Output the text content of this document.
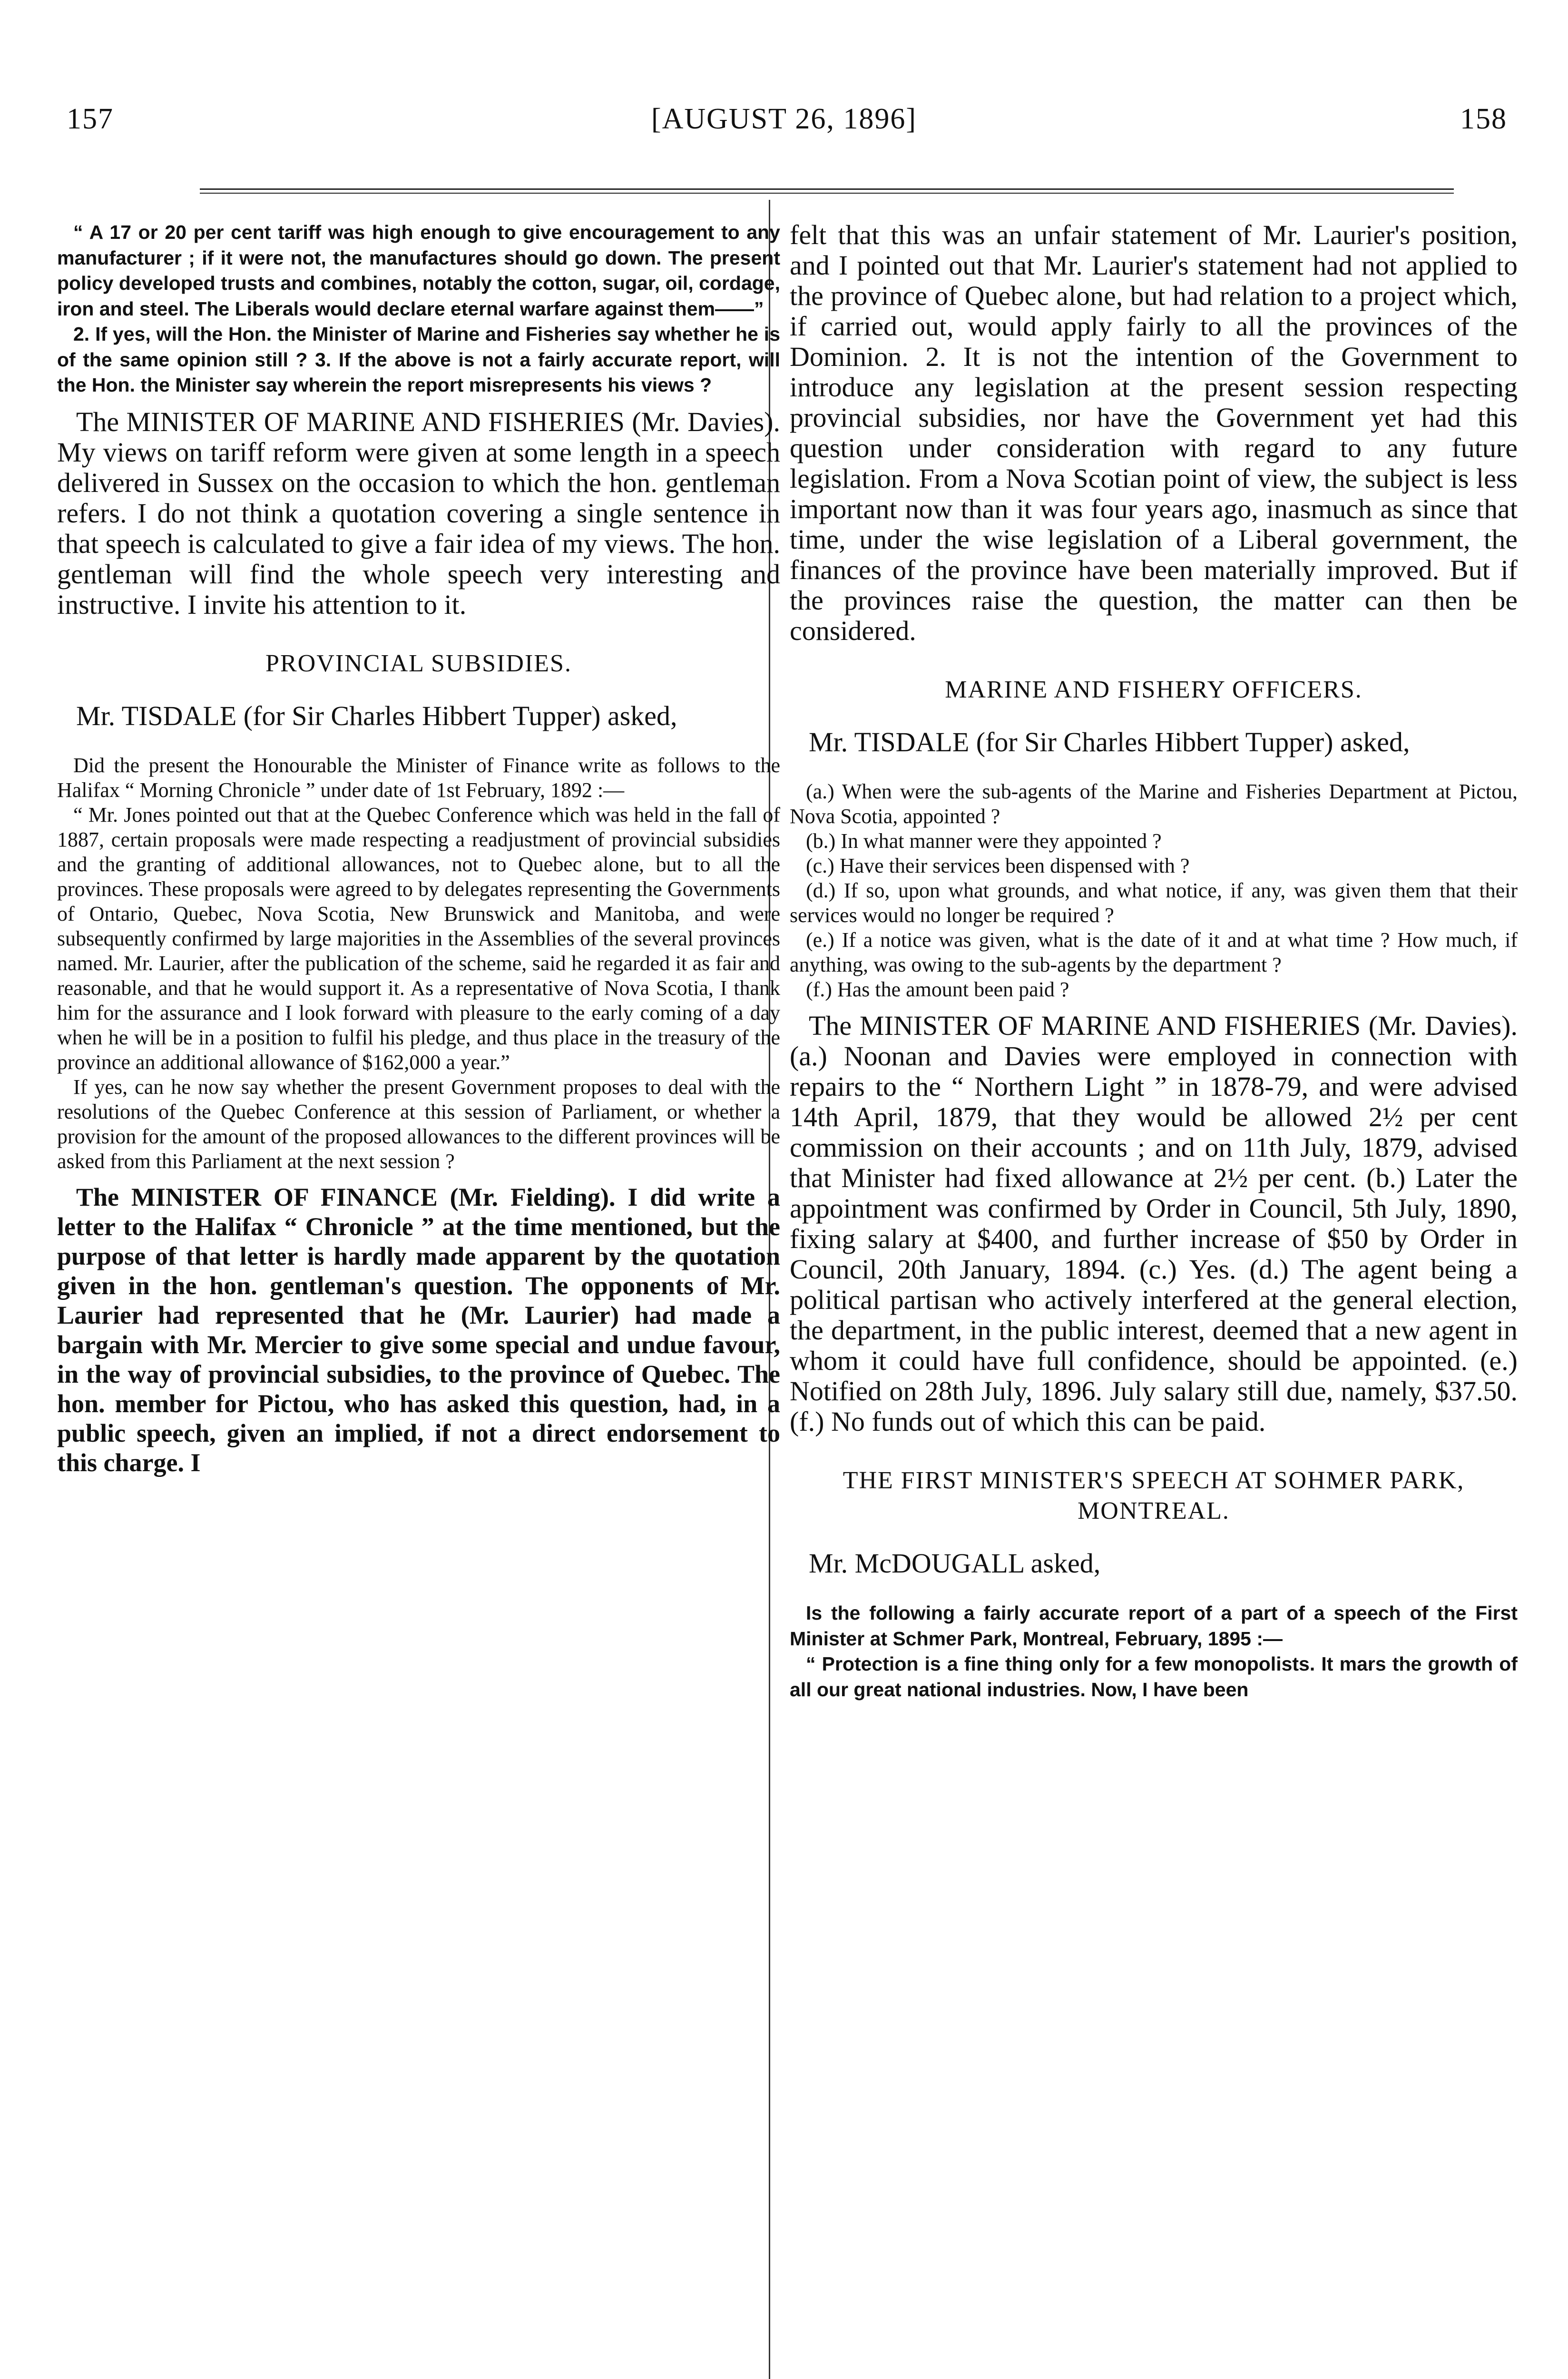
157	[AUGUST 26, 1896]	158

“ A 17 or 20 per cent tariff was high enough to give encouragement to any manufacturer ; if it were not, the manufactures should go down. The present policy developed trusts and combines, notably the cotton, sugar, oil, cordage, iron and steel. The Liberals would declare eternal warfare against them——”

2. If yes, will the Hon. the Minister of Marine and Fisheries say whether he is of the same opinion still ? 3. If the above is not a fairly accurate report, will the Hon. the Minister say wherein the report misrepresents his views ?

The MINISTER OF MARINE AND FISHERIES (Mr. Davies). My views on tariff reform were given at some length in a speech delivered in Sussex on the occasion to which the hon. gentleman refers. I do not think a quotation covering a single sentence in that speech is calculated to give a fair idea of my views. The hon. gentleman will find the whole speech very interesting and instructive. I invite his attention to it.

PROVINCIAL SUBSIDIES.

Mr. TISDALE (for Sir Charles Hibbert Tupper) asked,

Did the present the Honourable the Minister of Finance write as follows to the Halifax “ Morning Chronicle ” under date of 1st February, 1892 :—

“ Mr. Jones pointed out that at the Quebec Conference which was held in the fall of 1887, certain proposals were made respecting a readjustment of provincial subsidies and the granting of additional allowances, not to Quebec alone, but to all the provinces. These proposals were agreed to by delegates representing the Governments of Ontario, Quebec, Nova Scotia, New Brunswick and Manitoba, and were subsequently confirmed by large majorities in the Assemblies of the several provinces named. Mr. Laurier, after the publication of the scheme, said he regarded it as fair and reasonable, and that he would support it. As a representative of Nova Scotia, I thank him for the assurance and I look forward with pleasure to the early coming of a day when he will be in a position to fulfil his pledge, and thus place in the treasury of the province an additional allowance of $162,000 a year.”

If yes, can he now say whether the present Government proposes to deal with the resolutions of the Quebec Conference at this session of Parliament, or whether a provision for the amount of the proposed allowances to the different provinces will be asked from this Parliament at the next session ?

The MINISTER OF FINANCE (Mr. Fielding). I did write a letter to the Halifax “ Chronicle ” at the time mentioned, but the purpose of that letter is hardly made apparent by the quotation given in the hon. gentleman's question. The opponents of Mr. Laurier had represented that he (Mr. Laurier) had made a bargain with Mr. Mercier to give some special and undue favour, in the way of provincial subsidies, to the province of Quebec. The hon. member for Pictou, who has asked this question, had, in a public speech, given an implied, if not a direct endorsement to this charge. I

felt that this was an unfair statement of Mr. Laurier's position, and I pointed out that Mr. Laurier's statement had not applied to the province of Quebec alone, but had relation to a project which, if carried out, would apply fairly to all the provinces of the Dominion. 2. It is not the intention of the Government to introduce any legislation at the present session respecting provincial subsidies, nor have the Government yet had this question under consideration with regard to any future legislation. From a Nova Scotian point of view, the subject is less important now than it was four years ago, inasmuch as since that time, under the wise legislation of a Liberal government, the finances of the province have been materially improved. But if the provinces raise the question, the matter can then be considered.

MARINE AND FISHERY OFFICERS.

Mr. TISDALE (for Sir Charles Hibbert Tupper) asked,

(a.) When were the sub-agents of the Marine and Fisheries Department at Pictou, Nova Scotia, appointed ?

(b.) In what manner were they appointed ?

(c.) Have their services been dispensed with ?

(d.) If so, upon what grounds, and what notice, if any, was given them that their services would no longer be required ?

(e.) If a notice was given, what is the date of it and at what time ? How much, if anything, was owing to the sub-agents by the department ?

(f.) Has the amount been paid ?

The MINISTER OF MARINE AND FISHERIES (Mr. Davies). (a.) Noonan and Davies were employed in connection with repairs to the “ Northern Light ” in 1878-79, and were advised 14th April, 1879, that they would be allowed 2½ per cent commission on their accounts ; and on 11th July, 1879, advised that Minister had fixed allowance at 2½ per cent. (b.) Later the appointment was confirmed by Order in Council, 5th July, 1890, fixing salary at $400, and further increase of $50 by Order in Council, 20th January, 1894. (c.) Yes. (d.) The agent being a political partisan who actively interfered at the general election, the department, in the public interest, deemed that a new agent in whom it could have full confidence, should be appointed. (e.) Notified on 28th July, 1896. July salary still due, namely, $37.50. (f.) No funds out of which this can be paid.

THE FIRST MINISTER'S SPEECH AT SOHMER PARK, MONTREAL.

Mr. McDOUGALL asked,

Is the following a fairly accurate report of a part of a speech of the First Minister at Schmer Park, Montreal, February, 1895 :—

“ Protection is a fine thing only for a few monopolists. It mars the growth of all our great national industries. Now, I have been
